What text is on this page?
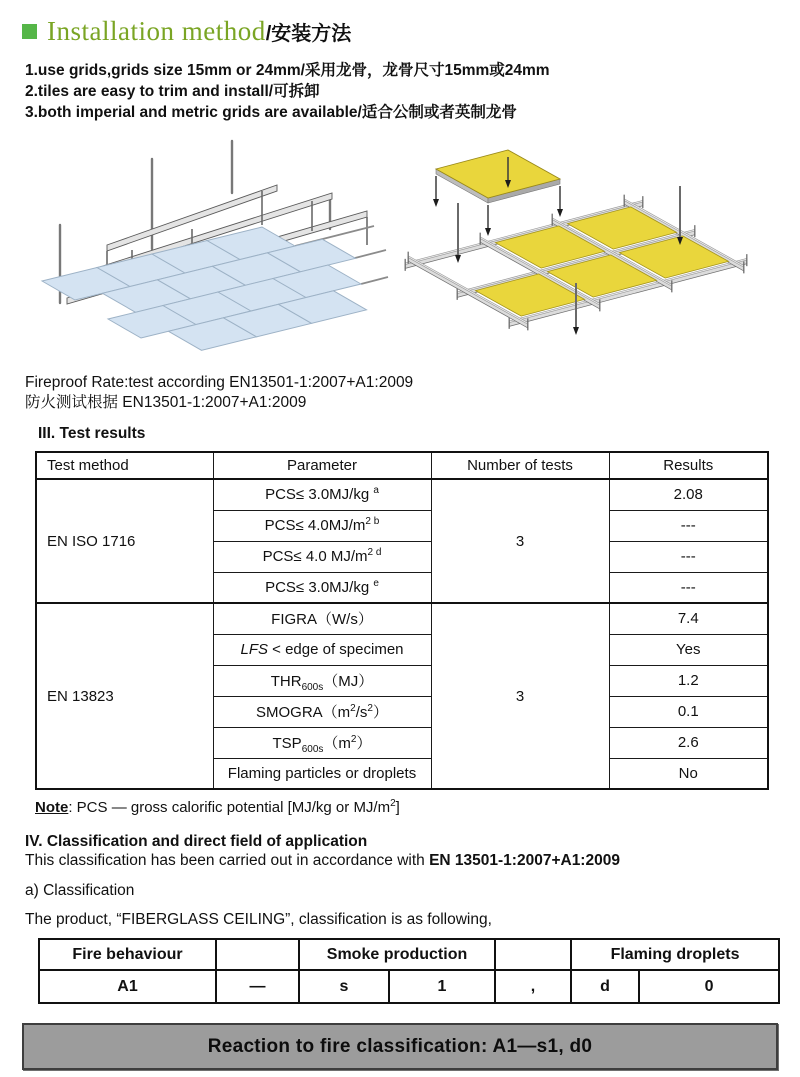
Installation method /安装方法
1.use grids,grids size 15mm or 24mm/采用龙骨，龙骨尺寸15mm或24mm
2.tiles are easy to trim and install/可拆卸
3.both imperial and metric grids are available/适合公制或者英制龙骨
Fireproof Rate:test according EN13501-1:2007+A1:2009
防火测试根据 EN13501-1:2007+A1:2009
III. Test results
Test method	Parameter	Number of tests	Results
EN ISO 1716	PCS≤ 3.0MJ/kg $^a$	3	2.08
	$PCS\le 4.0MJ/m^{2 b}$		---
	PCS≤ 4.0 $MJ/m^{2 d}$		---
	PCS≤ 3.0MJ/kg $^e$		---
EN 13823	FIGRA（W/s）	3	7.4
	LFS < edge of specimen		Yes
	$THR_{600s}(MJ)$		1.2
	$SMOGRA(m^2/s^2)$		0.1
	$TSP_{600s}(m^2)$		2.6
	Flaming particles or droplets		No
Note: PCS — gross calorific potential [MJ/kg or $MJ/m^2$]
IV. Classification and direct field of application
This classification has been carried out in accordance with EN 13501-1:2007+A1:2009
a) Classification
The product, “FIBERGLASS CEILING”, classification is as following,
Fire behaviour		Smoke production			Flaming droplets	
A1	—	s	1	,	d	0
Reaction to fire classification: A1—s1, d0
